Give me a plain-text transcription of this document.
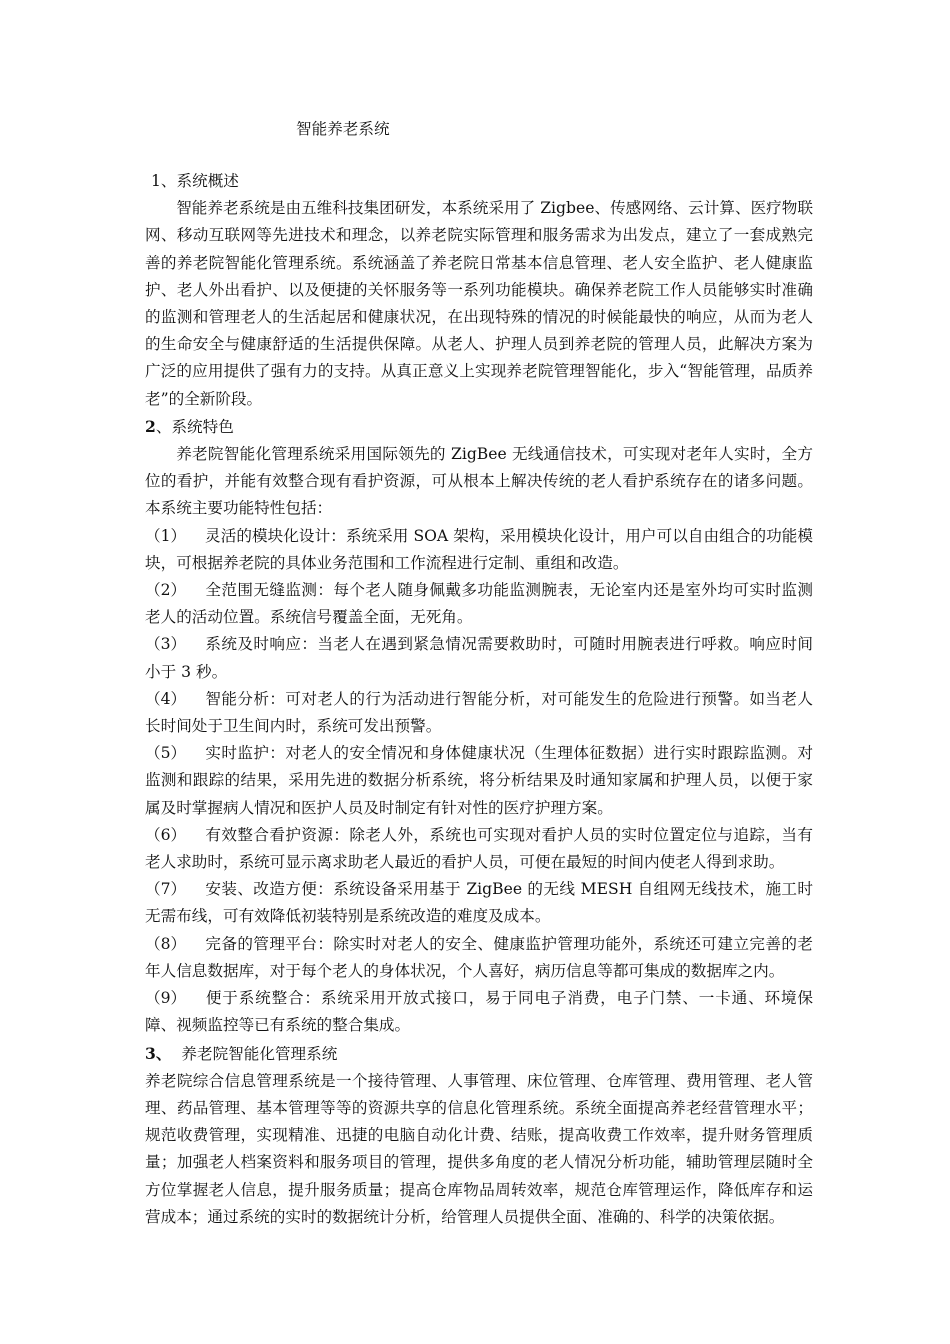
智能养老系统

1、系统概述

智能养老系统是由五维科技集团研发，本系统采用了 Zigbee、传感网络、云计算、医疗物联网、移动互联网等先进技术和理念，以养老院实际管理和服务需求为出发点，建立了一套成熟完善的养老院智能化管理系统。系统涵盖了养老院日常基本信息管理、老人安全监护、老人健康监护、老人外出看护、以及便捷的关怀服务等一系列功能模块。确保养老院工作人员能够实时准确的监测和管理老人的生活起居和健康状况，在出现特殊的情况的时候能最快的响应，从而为老人的生命安全与健康舒适的生活提供保障。从老人、护理人员到养老院的管理人员，此解决方案为广泛的应用提供了强有力的支持。从真正意义上实现养老院管理智能化，步入“智能管理，品质养老”的全新阶段。

2、系统特色

养老院智能化管理系统采用国际领先的 ZigBee 无线通信技术，可实现对老年人实时，全方位的看护，并能有效整合现有看护资源，可从根本上解决传统的老人看护系统存在的诸多问题。本系统主要功能特性包括：

（1） 灵活的模块化设计：系统采用 SOA 架构，采用模块化设计，用户可以自由组合的功能模块，可根据养老院的具体业务范围和工作流程进行定制、重组和改造。

（2） 全范围无缝监测：每个老人随身佩戴多功能监测腕表，无论室内还是室外均可实时监测老人的活动位置。系统信号覆盖全面，无死角。

（3） 系统及时响应：当老人在遇到紧急情况需要救助时，可随时用腕表进行呼救。响应时间小于 3 秒。

（4） 智能分析：可对老人的行为活动进行智能分析，对可能发生的危险进行预警。如当老人长时间处于卫生间内时，系统可发出预警。

（5） 实时监护：对老人的安全情况和身体健康状况（生理体征数据）进行实时跟踪监测。对监测和跟踪的结果，采用先进的数据分析系统，将分析结果及时通知家属和护理人员，以便于家属及时掌握病人情况和医护人员及时制定有针对性的医疗护理方案。

（6） 有效整合看护资源：除老人外，系统也可实现对看护人员的实时位置定位与追踪，当有老人求助时，系统可显示离求助老人最近的看护人员，可便在最短的时间内使老人得到求助。

（7） 安装、改造方便：系统设备采用基于 ZigBee 的无线 MESH 自组网无线技术，施工时无需布线，可有效降低初装特别是系统改造的难度及成本。

（8） 完备的管理平台：除实时对老人的安全、健康监护管理功能外，系统还可建立完善的老年人信息数据库，对于每个老人的身体状况，个人喜好，病历信息等都可集成的数据库之内。

（9） 便于系统整合：系统采用开放式接口，易于同电子消费，电子门禁、一卡通、环境保障、视频监控等已有系统的整合集成。

3、 养老院智能化管理系统

养老院综合信息管理系统是一个接待管理、人事管理、床位管理、仓库管理、费用管理、老人管理、药品管理、基本管理等等的资源共享的信息化管理系统。系统全面提高养老经营管理水平；规范收费管理，实现精准、迅捷的电脑自动化计费、结账，提高收费工作效率，提升财务管理质量；加强老人档案资料和服务项目的管理，提供多角度的老人情况分析功能，辅助管理层随时全方位掌握老人信息，提升服务质量；提高仓库物品周转效率，规范仓库管理运作，降低库存和运营成本；通过系统的实时的数据统计分析，给管理人员提供全面、准确的、科学的决策依据。
